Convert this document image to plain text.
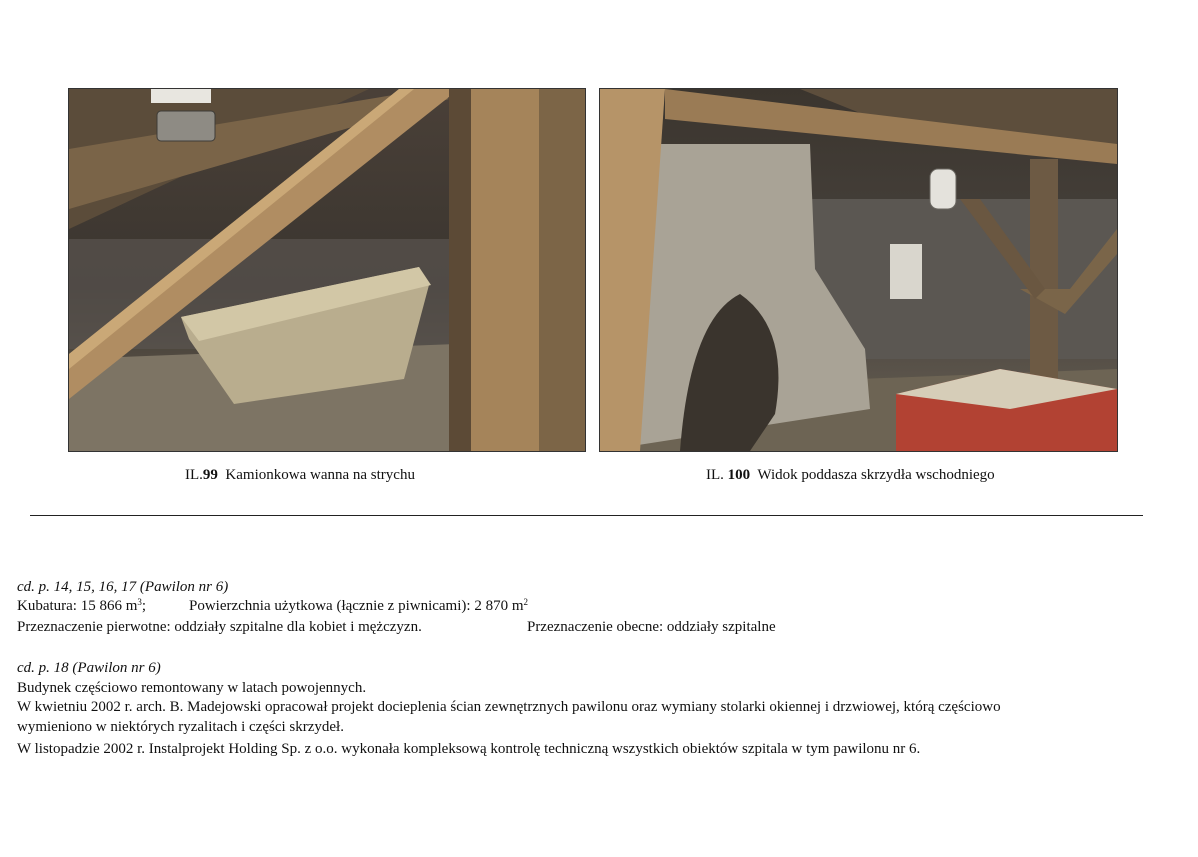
IL.99 Kamionkowa wanna na strychu	IL. 100 Widok poddasza skrzydła wschodniego
cd. p. 14, 15, 16, 17 (Pawilon nr 6)
Kubatura: 15 866 $m^3$;	Powierzchnia użytkowa (łącznie z piwnicami): 2 870 $m^2$
Przeznaczenie pierwotne: oddziały szpitalne dla kobiet i mężczyzn.	Przeznaczenie obecne: oddziały szpitalne
cd. p. 18 (Pawilon nr 6)
Budynek częściowo remontowany w latach powojennych.
W kwietniu 2002 r. arch. B. Madejowski opracował projekt docieplenia ścian zewnętrznych pawilonu oraz wymiany stolarki okiennej i drzwiowej, którą częściowo
wymieniono w niektórych ryzalitach i części skrzydeł.
W listopadzie 2002 r. Instalprojekt Holding Sp. z o.o. wykonała kompleksową kontrolę techniczną wszystkich obiektów szpitala w tym pawilonu nr 6.
